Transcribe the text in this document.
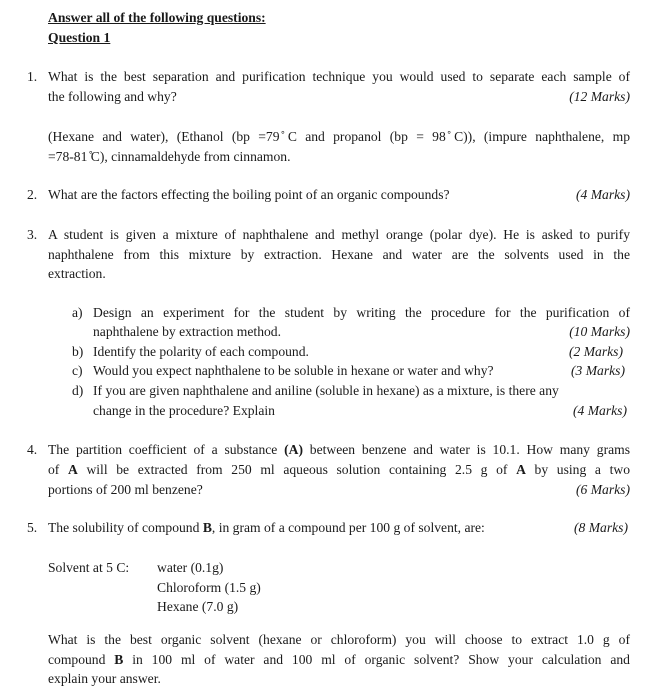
Answer all of the following questions:
Question 1
1. What is the best separation and purification technique you would used to separate each sample of
the following and why?	(12 Marks)
(Hexane and water), (Ethanol (bp =79 ̊C and propanol (bp = 98 ̊C)), (impure naphthalene, mp
=78-81 ̊C), cinnamaldehyde from cinnamon.
2. What are the factors effecting the boiling point of an organic compounds?	(4 Marks)
3. A student is given a mixture of naphthalene and methyl orange (polar dye). He is asked to purify
naphthalene from this mixture by extraction. Hexane and water are the solvents used in the
extraction.
a) Design an experiment for the student by writing the procedure for the purification of
naphthalene by extraction method.	(10 Marks)
b) Identify the polarity of each compound.	(2 Marks)
c) Would you expect naphthalene to be soluble in hexane or water and why?	(3 Marks)
d) If you are given naphthalene and aniline (soluble in hexane) as a mixture, is there any
change in the procedure? Explain	(4 Marks)
4. The partition coefficient of a substance (A) between benzene and water is 10.1. How many grams
of A will be extracted from 250 ml aqueous solution containing 2.5 g of A by using a two
portions of 200 ml benzene?	(6 Marks)
5. The solubility of compound B, in gram of a compound per 100 g of solvent, are:	(8 Marks)
Solvent at 5 C: water (0.1g)
Chloroform (1.5 g)
Hexane (7.0 g)
What is the best organic solvent (hexane or chloroform) you will choose to extract 1.0 g of
compound B in 100 ml of water and 100 ml of organic solvent? Show your calculation and
explain your answer.
